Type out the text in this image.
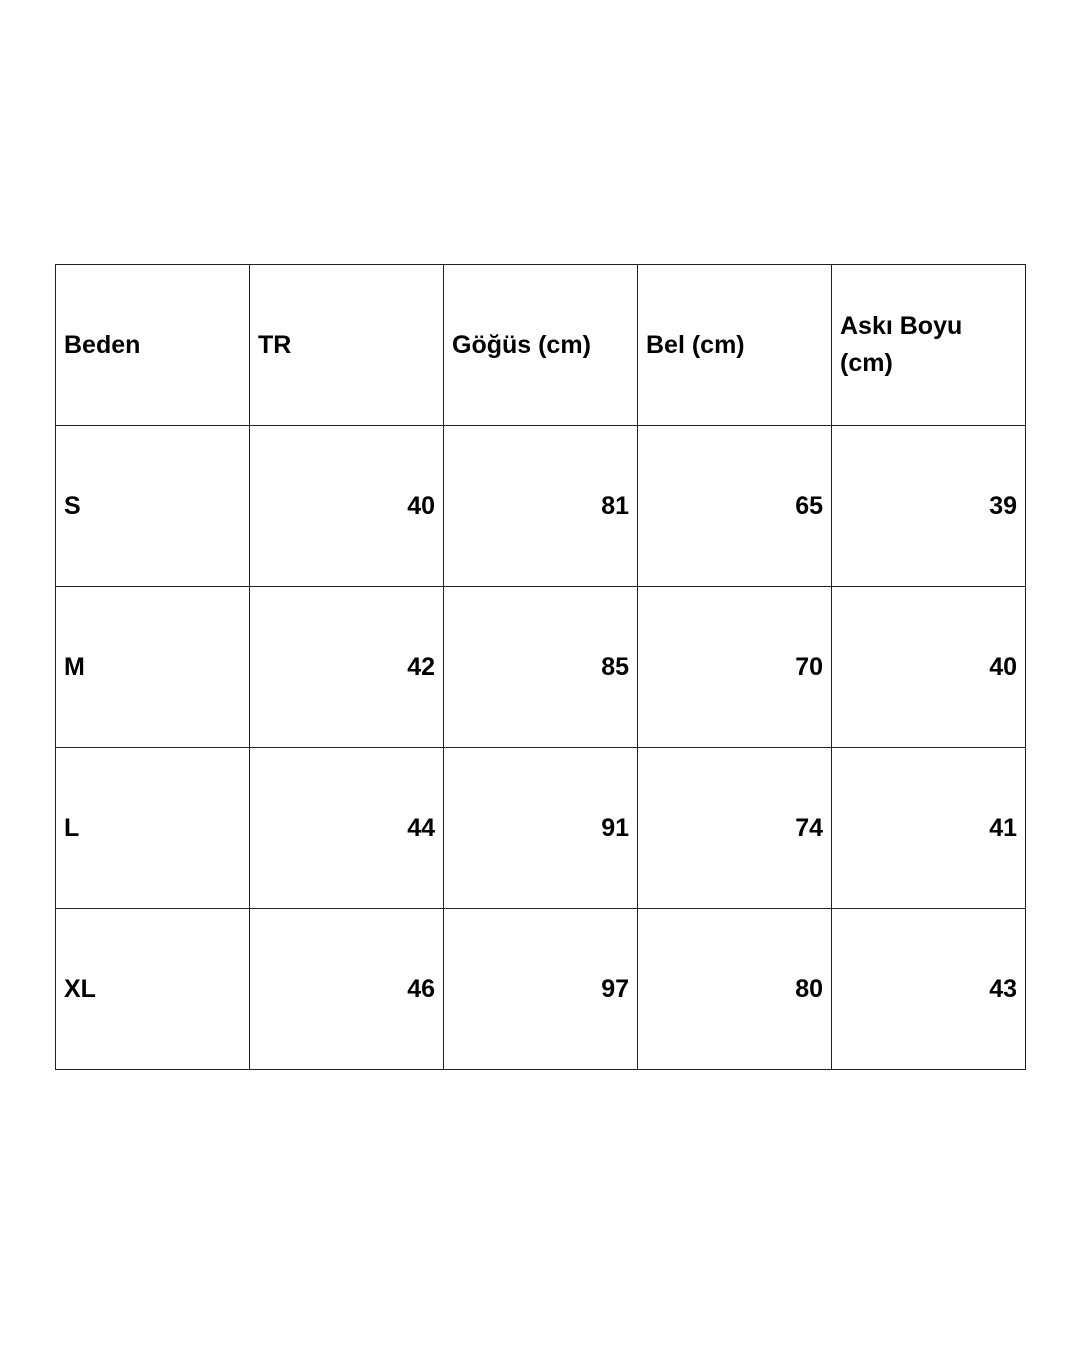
Beden	TR	Göğüs (cm)	Bel (cm)	Askı Boyu (cm)
S	40	81	65	39
M	42	85	70	40
L	44	91	74	41
XL	46	97	80	43
